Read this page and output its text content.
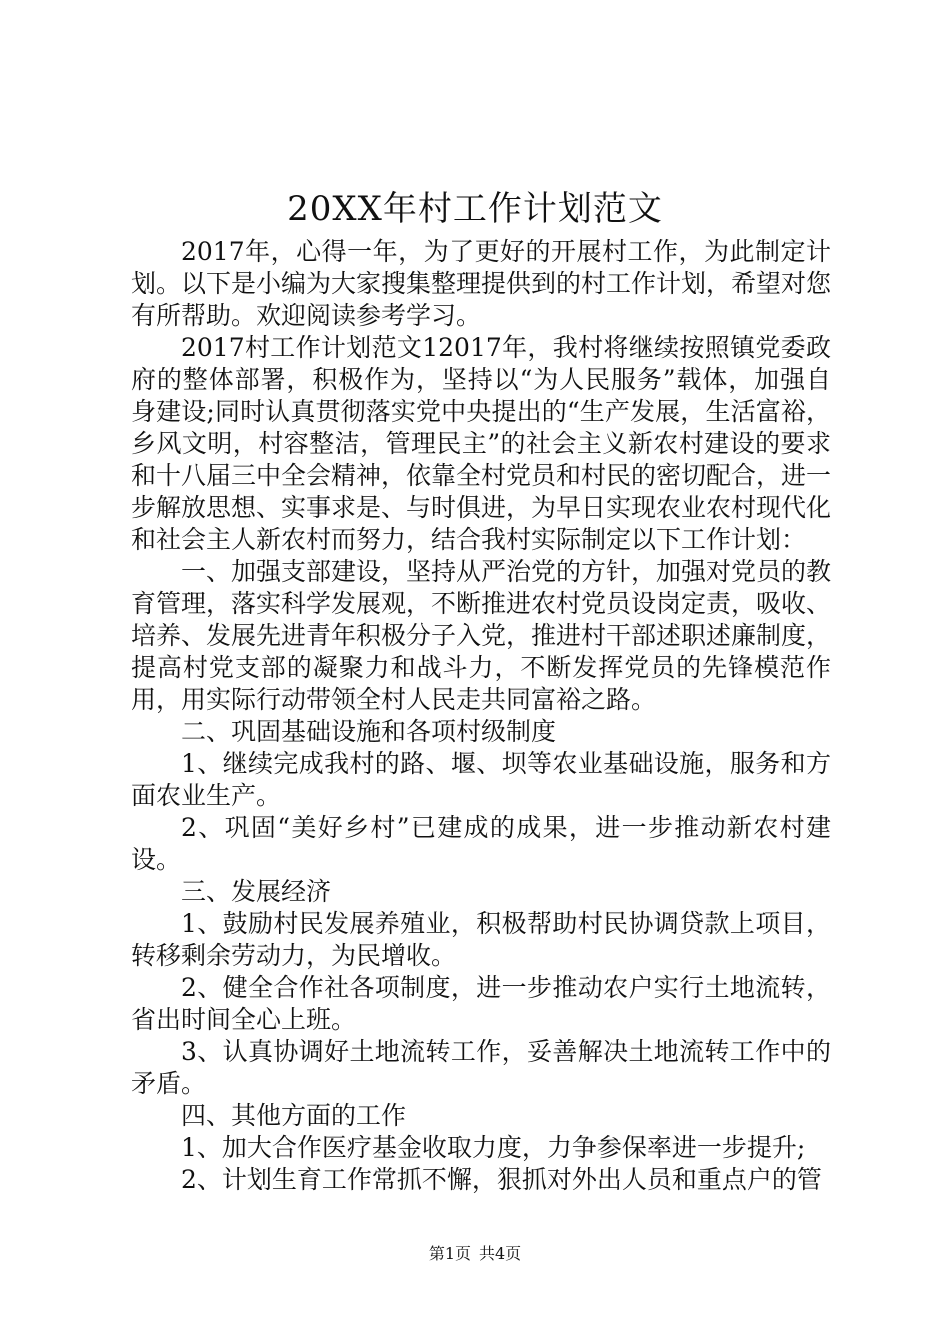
20XX年村工作计划范文

2017年，心得一年，为了更好的开展村工作，为此制定计划。以下是小编为大家搜集整理提供到的村工作计划，希望对您有所帮助。欢迎阅读参考学习。

2017村工作计划范文12017年，我村将继续按照镇党委政府的整体部署，积极作为，坚持以“为人民服务”载体，加强自身建设;同时认真贯彻落实党中央提出的“生产发展，生活富裕，乡风文明，村容整洁，管理民主”的社会主义新农村建设的要求和十八届三中全会精神，依靠全村党员和村民的密切配合，进一步解放思想、实事求是、与时俱进，为早日实现农业农村现代化和社会主人新农村而努力，结合我村实际制定以下工作计划：

一、加强支部建设，坚持从严治党的方针，加强对党员的教育管理，落实科学发展观，不断推进农村党员设岗定责，吸收、培养、发展先进青年积极分子入党，推进村干部述职述廉制度，提高村党支部的凝聚力和战斗力，不断发挥党员的先锋模范作用，用实际行动带领全村人民走共同富裕之路。

二、巩固基础设施和各项村级制度

1、继续完成我村的路、堰、坝等农业基础设施，服务和方面农业生产。

2、巩固“美好乡村”已建成的成果，进一步推动新农村建设。

三、发展经济

1、鼓励村民发展养殖业，积极帮助村民协调贷款上项目，转移剩余劳动力，为民增收。

2、健全合作社各项制度，进一步推动农户实行土地流转，省出时间全心上班。

3、认真协调好土地流转工作，妥善解决土地流转工作中的矛盾。

四、其他方面的工作

1、加大合作医疗基金收取力度，力争参保率进一步提升;

2、计划生育工作常抓不懈，狠抓对外出人员和重点户的管

第1页 共4页
